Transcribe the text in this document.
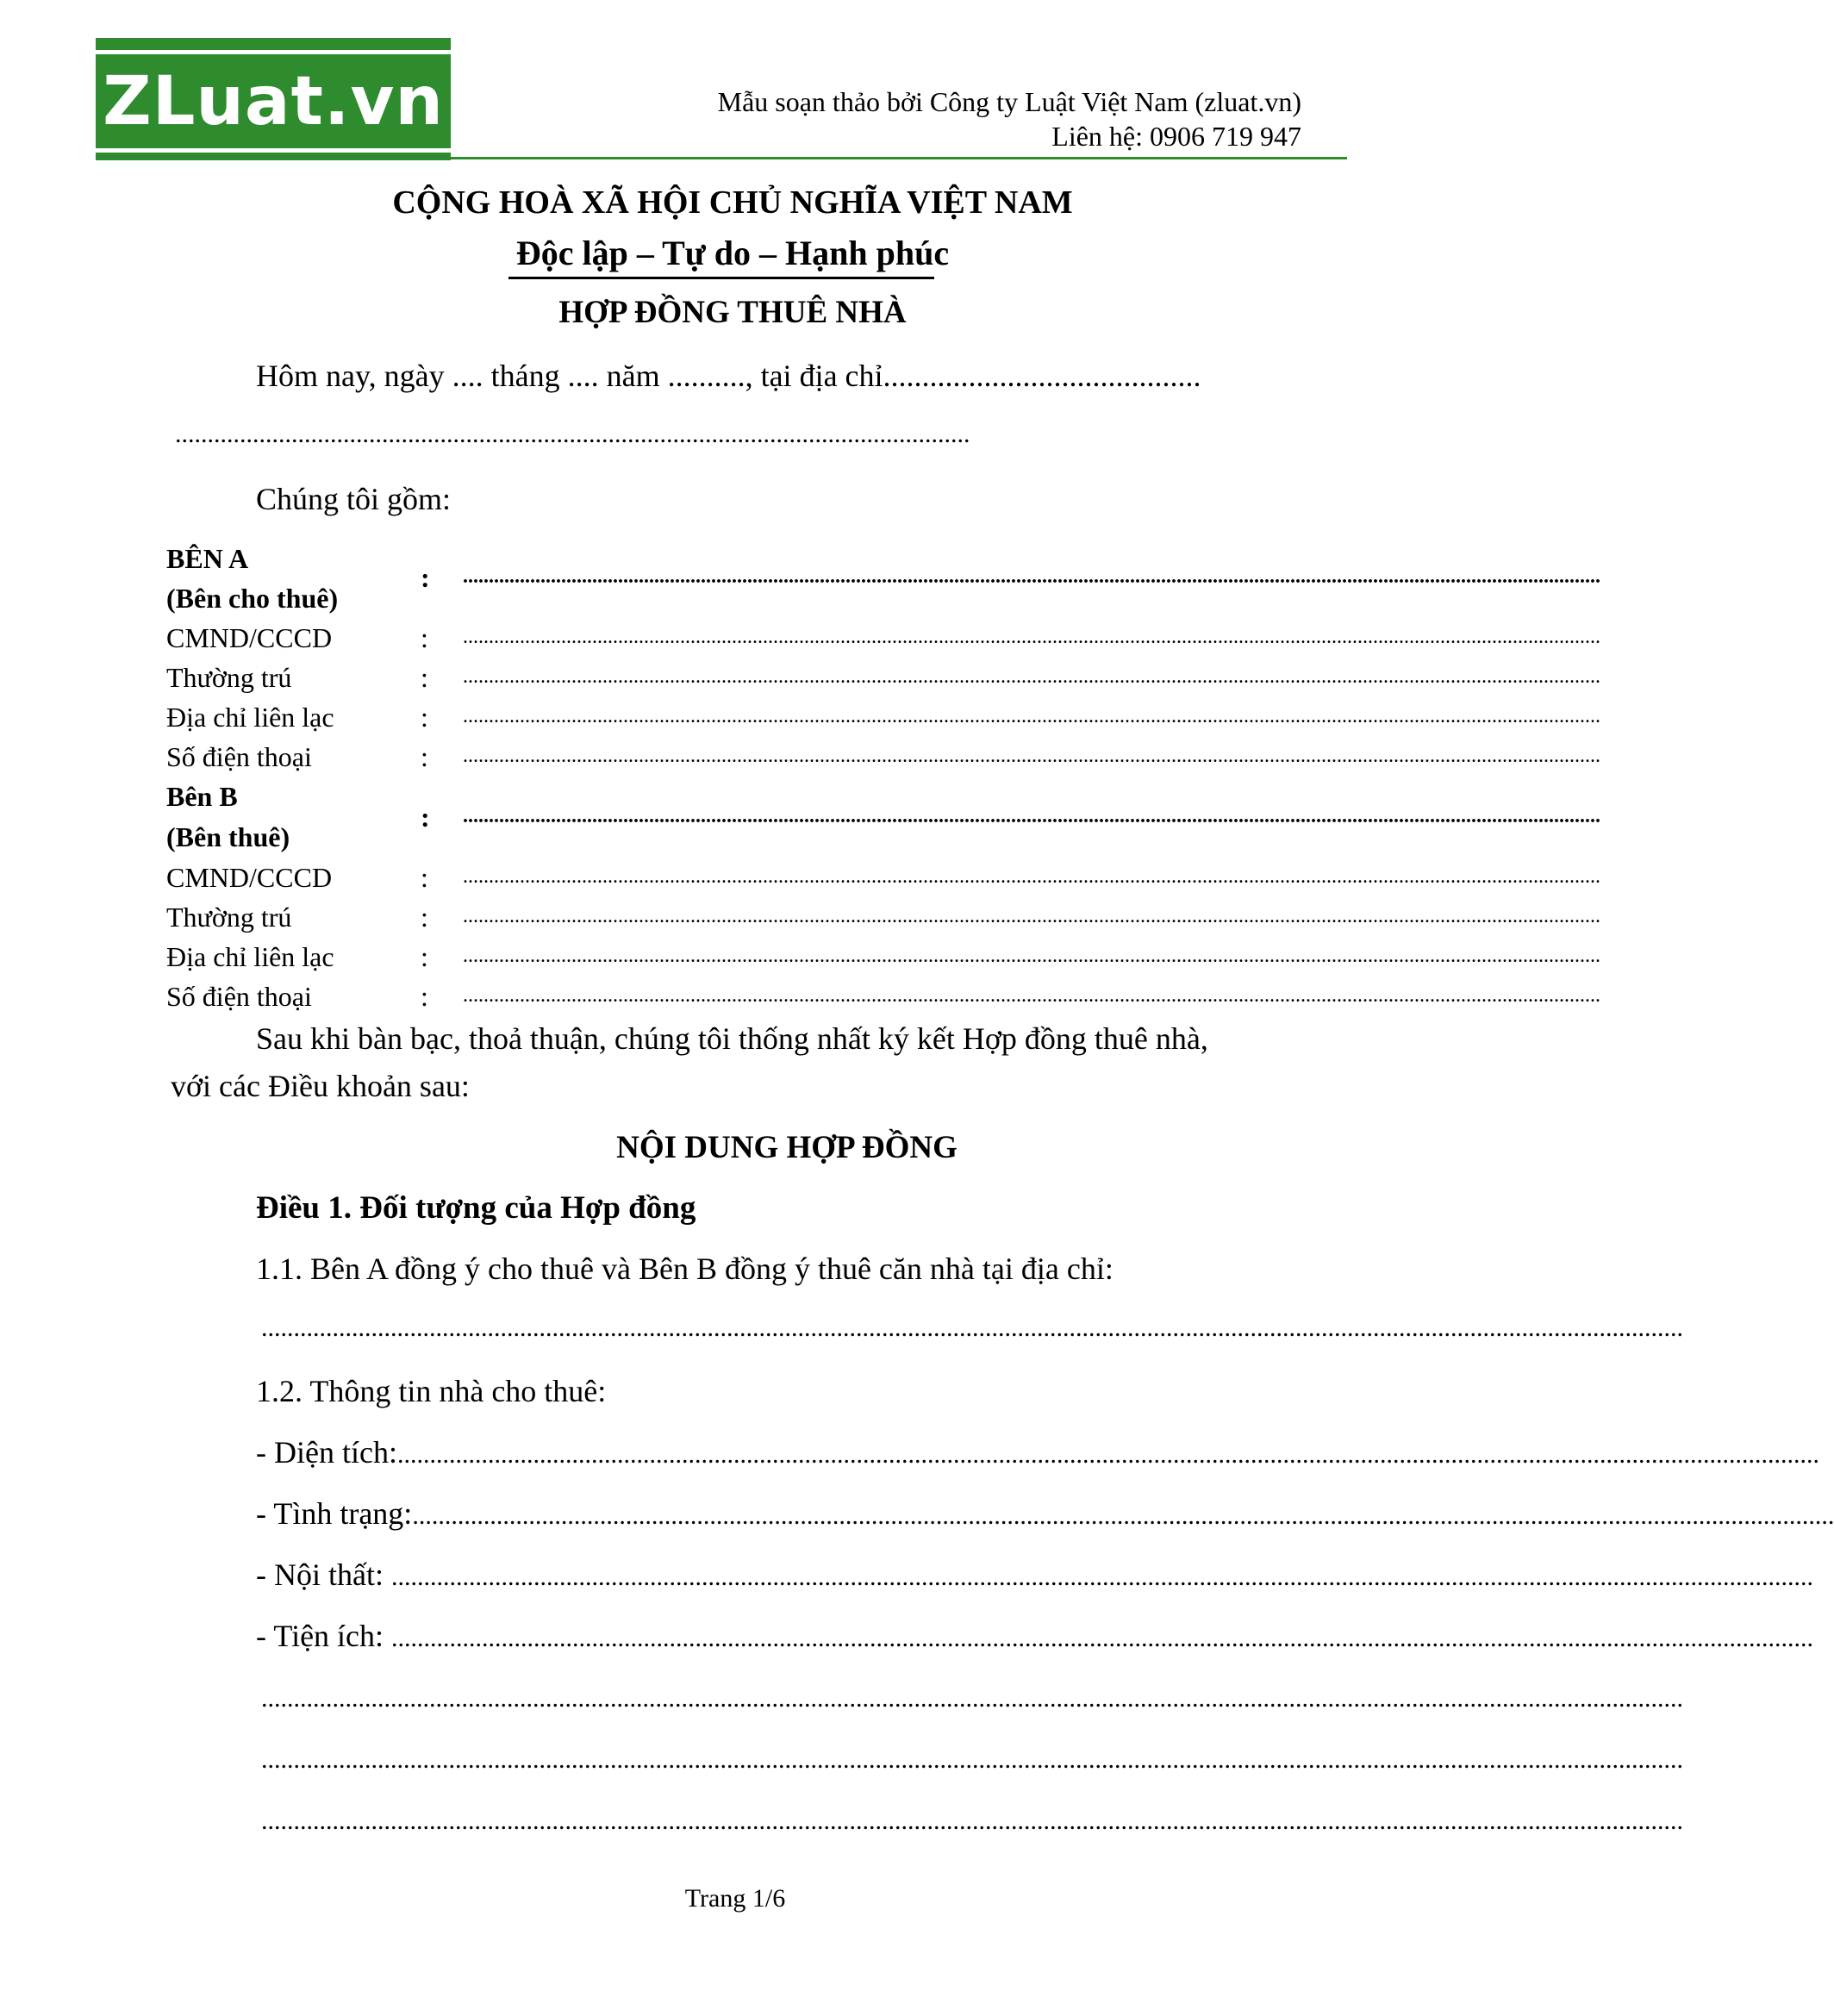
ZLuat.vn	Mẫu soạn thảo bởi Công ty Luật Việt Nam (zluat.vn)
Liên hệ: 0906 719 947
CỘNG HOÀ XÃ HỘI CHỦ NGHĨA VIỆT NAM
Độc lập – Tự do – Hạnh phúc
HỢP ĐỒNG THUÊ NHÀ
Hôm nay, ngày .... tháng .... năm .........., tại địa chỉ.........................................
...........................................................................................................................
Chúng tôi gồm:
BÊN A
(Bên cho thuê)
: ............................................................................................................................................................................................................................
CMND/CCCD	: ............................................................................................................................................................................................................................
Thường trú	: ............................................................................................................................................................................................................................
Địa chỉ liên lạc	: ............................................................................................................................................................................................................................
Số điện thoại	: ............................................................................................................................................................................................................................
Bên B
(Bên thuê)
: ............................................................................................................................................................................................................................
CMND/CCCD	: ............................................................................................................................................................................................................................
Thường trú	: ............................................................................................................................................................................................................................
Địa chỉ liên lạc	: ............................................................................................................................................................................................................................
Số điện thoại	: ............................................................................................................................................................................................................................
Sau khi bàn bạc, thoả thuận, chúng tôi thống nhất ký kết Hợp đồng thuê nhà,
với các Điều khoản sau:
NỘI DUNG HỢP ĐỒNG
Điều 1. Đối tượng của Hợp đồng
1.1. Bên A đồng ý cho thuê và Bên B đồng ý thuê căn nhà tại địa chỉ:
............................................................................................................................................................................................................................
1.2. Thông tin nhà cho thuê:
- Diện tích:............................................................................................................................................................................................................................
- Tình trạng:............................................................................................................................................................................................................................
- Nội thất: ............................................................................................................................................................................................................................
- Tiện ích: ............................................................................................................................................................................................................................
............................................................................................................................................................................................................................
............................................................................................................................................................................................................................
............................................................................................................................................................................................................................
Trang 1/6
